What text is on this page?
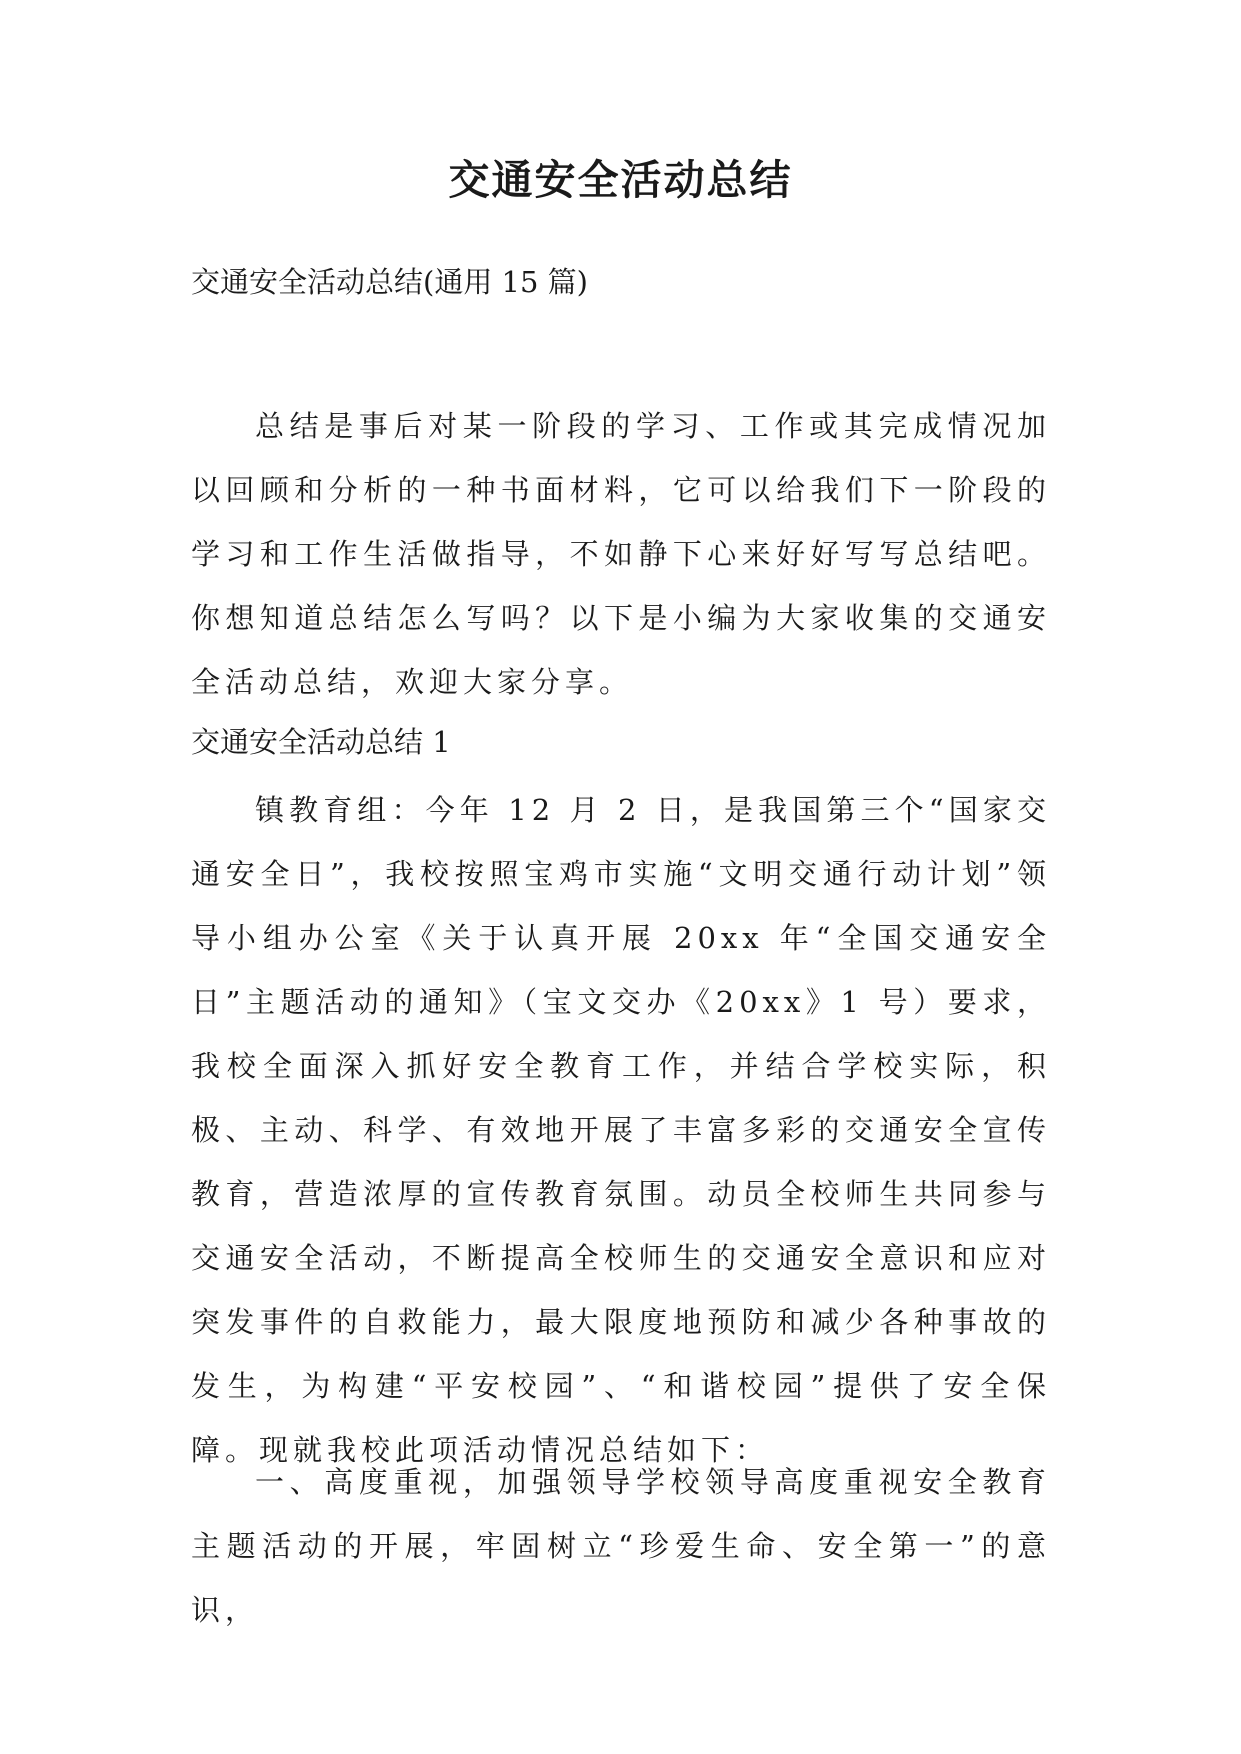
交通安全活动总结

交通安全活动总结(通用 15 篇)

总结是事后对某一阶段的学习、工作或其完成情况加以回顾和分析的一种书面材料，它可以给我们下一阶段的学习和工作生活做指导，不如静下心来好好写写总结吧。你想知道总结怎么写吗？以下是小编为大家收集的交通安全活动总结，欢迎大家分享。

交通安全活动总结 1

镇教育组：今年 12 月 2 日，是我国第三个“国家交通安全日”，我校按照宝鸡市实施“文明交通行动计划”领导小组办公室《关于认真开展 20xx 年“全国交通安全日”主题活动的通知》（宝文交办《20xx》1 号）要求，我校全面深入抓好安全教育工作，并结合学校实际，积极、主动、科学、有效地开展了丰富多彩的交通安全宣传教育，营造浓厚的宣传教育氛围。动员全校师生共同参与交通安全活动，不断提高全校师生的交通安全意识和应对突发事件的自救能力，最大限度地预防和减少各种事故的发生，为构建“平安校园”、“和谐校园”提供了安全保障。现就我校此项活动情况总结如下：

一、高度重视，加强领导学校领导高度重视安全教育主题活动的开展，牢固树立“珍爱生命、安全第一”的意识，
